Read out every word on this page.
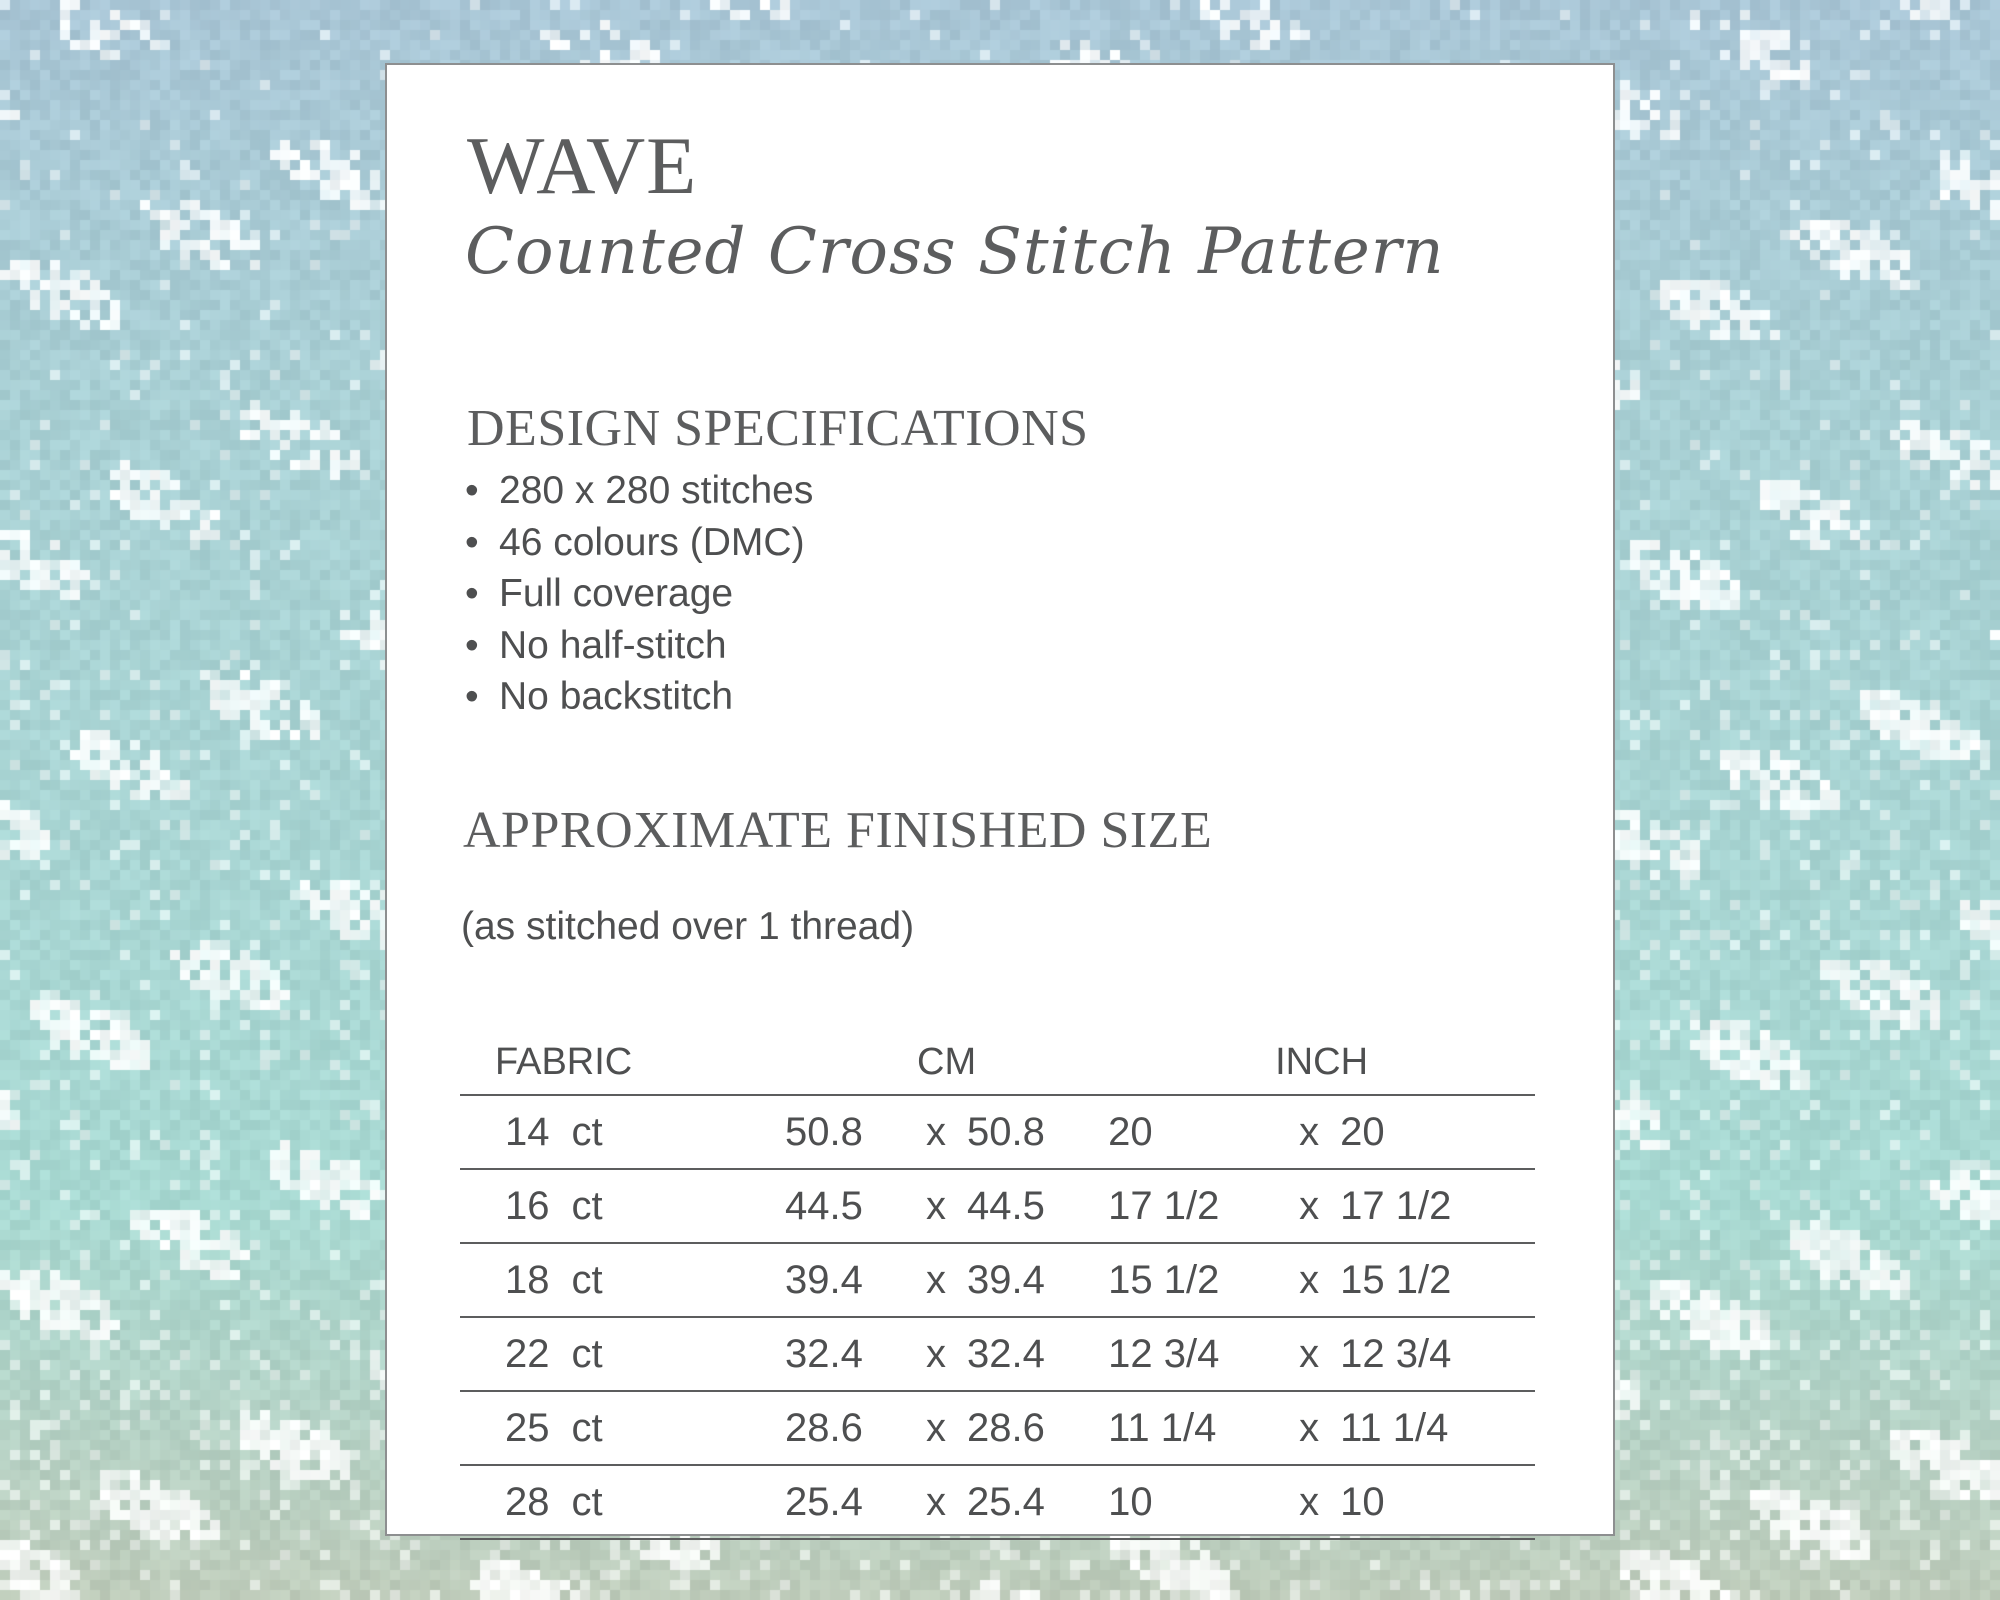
WAVE
Counted Cross Stitch Pattern
DESIGN SPECIFICATIONS
• 280 x 280 stitches
• 46 colours (DMC)
• Full coverage
• No half-stitch
• No backstitch
APPROXIMATE FINISHED SIZE
(as stitched over 1 thread)
FABRIC	CM	INCH
14 ct	50.8 x 50.8	20 x 20
16 ct	44.5 x 44.5	17 1/2 x 17 1/2
18 ct	39.4 x 39.4	15 1/2 x 15 1/2
22 ct	32.4 x 32.4	12 3/4 x 12 3/4
25 ct	28.6 x 28.6	11 1/4 x 11 1/4
28 ct	25.4 x 25.4	10 x 10
